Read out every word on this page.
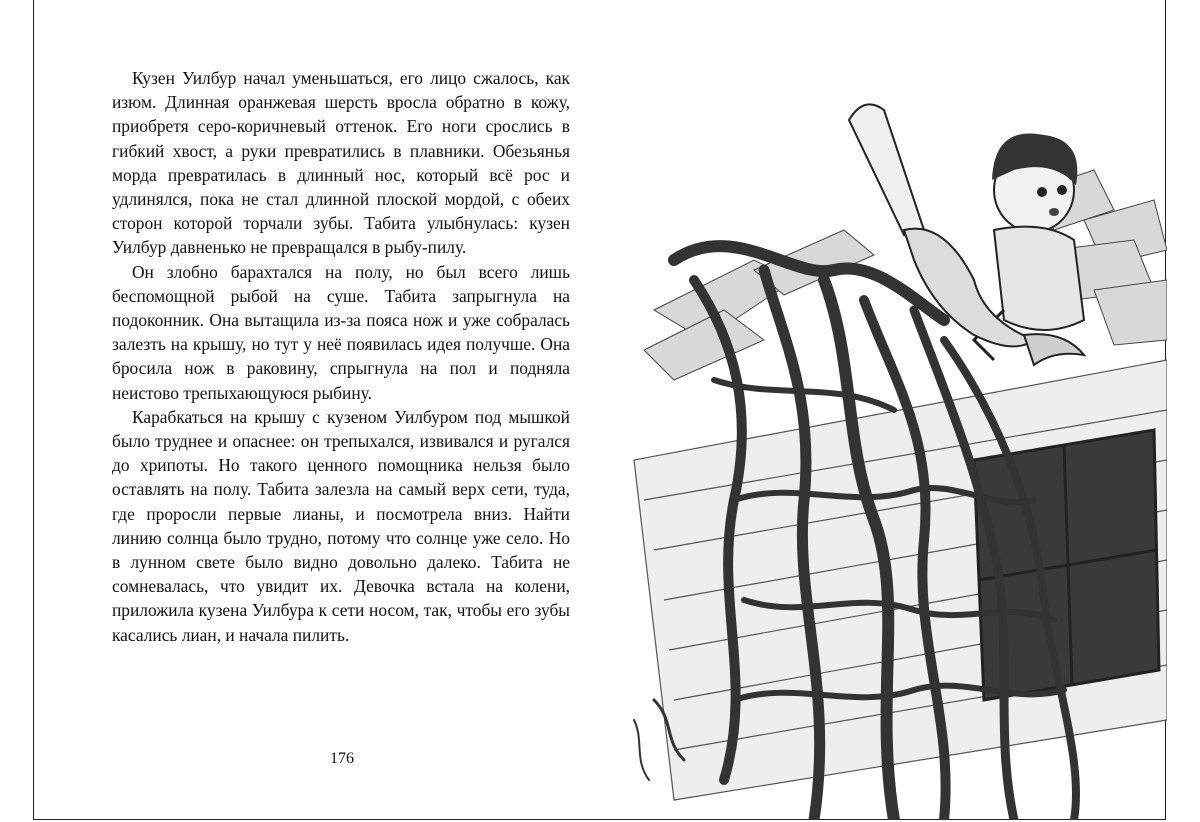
Кузен Уилбур начал уменьшаться, его лицо сжалось, как изюм. Длинная оранжевая шерсть вросла обратно в кожу, приобретя серо-коричневый оттенок. Его ноги срослись в гибкий хвост, а руки превратились в плавники. Обезьянья морда превратилась в длинный нос, который всё рос и удлинялся, пока не стал длинной плоской мордой, с обеих сторон которой торчали зубы. Табита улыбнулась: кузен Уилбур давненько не превращался в рыбу-пилу.

Он злобно барахтался на полу, но был всего лишь беспомощной рыбой на суше. Табита запрыгнула на подоконник. Она вытащила из-за пояса нож и уже собралась залезть на крышу, но тут у неё появилась идея получше. Она бросила нож в раковину, спрыгнула на пол и подняла неистово трепыхающуюся рыбину.

Карабкаться на крышу с кузеном Уилбуром под мышкой было труднее и опаснее: он трепыхался, извивался и ругался до хрипоты. Но такого ценного помощника нельзя было оставлять на полу. Табита залезла на самый верх сети, туда, где проросли первые лианы, и посмотрела вниз. Найти линию солнца было трудно, потому что солнце уже село. Но в лунном свете было видно довольно далеко. Табита не сомневалась, что увидит их. Девочка встала на колени, приложила кузена Уилбура к сети носом, так, чтобы его зубы касались лиан, и начала пилить.

176
